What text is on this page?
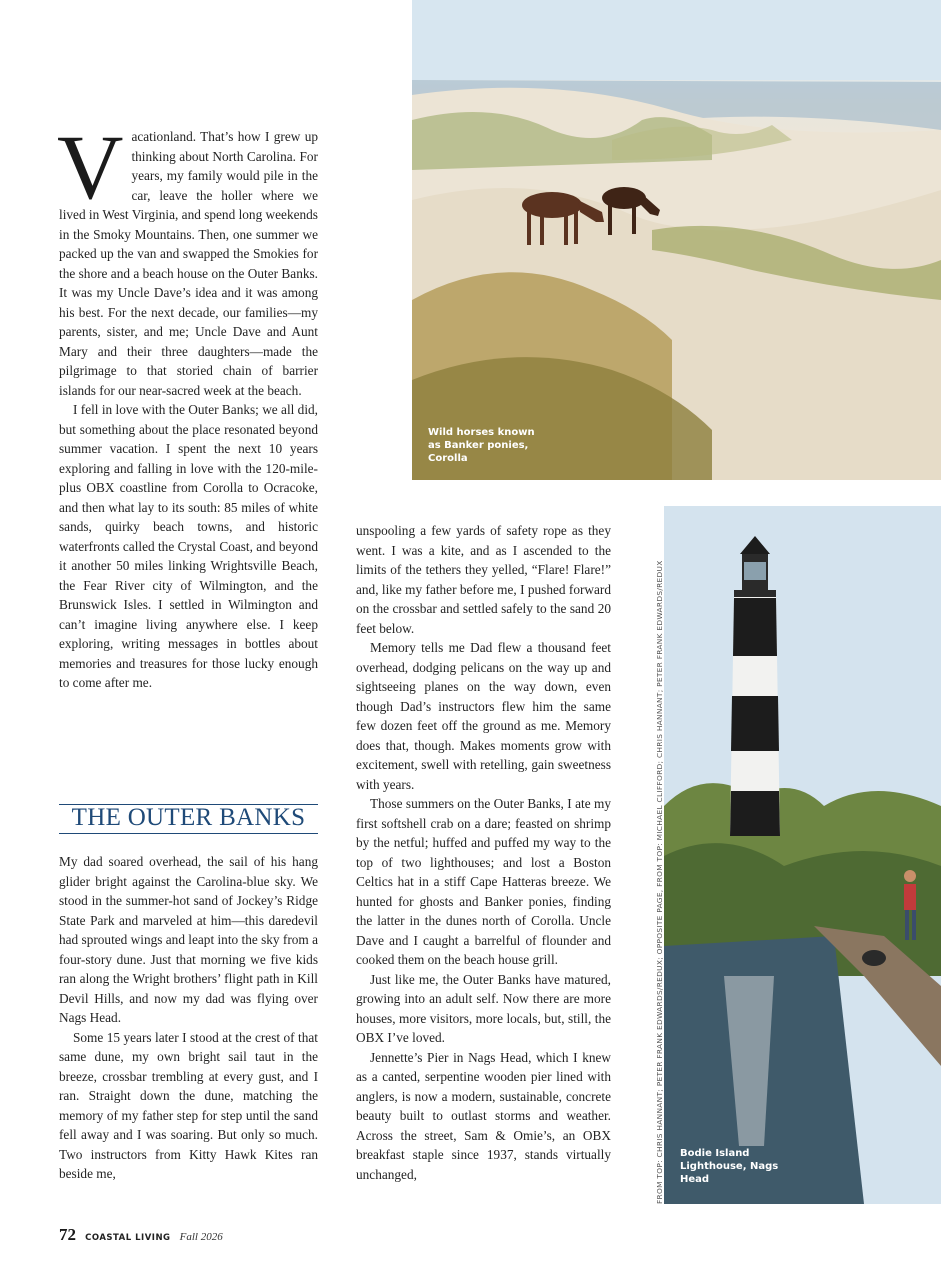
V acationland. That’s how I grew up thinking about North Carolina. For years, my family would pile in the car, leave the holler where we lived in West Virginia, and spend long weekends in the Smoky Mountains. Then, one summer we packed up the van and swapped the Smokies for the shore and a beach house on the Outer Banks. It was my Uncle Dave’s idea and it was among his best. For the next decade, our families—my parents, sister, and me; Uncle Dave and Aunt Mary and their three daughters—made the pilgrimage to that storied chain of barrier islands for our near-sacred week at the beach.

I fell in love with the Outer Banks; we all did, but something about the place resonated beyond summer vacation. I spent the next 10 years exploring and falling in love with the 120-mile-plus OBX coastline from Corolla to Ocracoke, and then what lay to its south: 85 miles of white sands, quirky beach towns, and historic waterfronts called the Crystal Coast, and beyond it another 50 miles linking Wrightsville Beach, the Fear River city of Wilmington, and the Brunswick Isles. I settled in Wilmington and can’t imagine living anywhere else. I keep exploring, writing messages in bottles about memories and treasures for those lucky enough to come after me.

THE OUTER BANKS

My dad soared overhead, the sail of his hang glider bright against the Carolina-blue sky. We stood in the summer-hot sand of Jockey’s Ridge State Park and marveled at him—this daredevil had sprouted wings and leapt into the sky from a four-story dune. Just that morning we five kids ran along the Wright brothers’ flight path in Kill Devil Hills, and now my dad was flying over Nags Head.

Some 15 years later I stood at the crest of that same dune, my own bright sail taut in the breeze, crossbar trembling at every gust, and I ran. Straight down the dune, matching the memory of my father step for step until the sand fell away and I was soaring. But only so much. Two instructors from Kitty Hawk Kites ran beside me,

unspooling a few yards of safety rope as they went. I was a kite, and as I ascended to the limits of the tethers they yelled, “Flare! Flare!” and, like my father before me, I pushed forward on the crossbar and settled safely to the sand 20 feet below.

Memory tells me Dad flew a thousand feet overhead, dodging pelicans on the way up and sightseeing planes on the way down, even though Dad’s instructors flew him the same few dozen feet off the ground as me. Memory does that, though. Makes moments grow with excitement, swell with retelling, gain sweetness with years.

Those summers on the Outer Banks, I ate my first softshell crab on a dare; feasted on shrimp by the netful; huffed and puffed my way to the top of two lighthouses; and lost a Boston Celtics hat in a stiff Cape Hatteras breeze. We hunted for ghosts and Banker ponies, finding the latter in the dunes north of Corolla. Uncle Dave and I caught a barrelful of flounder and cooked them on the beach house grill.

Just like me, the Outer Banks have matured, growing into an adult self. Now there are more houses, more visitors, more locals, but, still, the OBX I’ve loved.

Jennette’s Pier in Nags Head, which I knew as a canted, serpentine wooden pier lined with anglers, is now a modern, sustainable, concrete beauty built to outlast storms and weather. Across the street, Sam & Omie’s, an OBX breakfast staple since 1937, stands virtually unchanged,

Wild horses known as Banker ponies, Corolla
Bodie Island Lighthouse, Nags Head
FROM TOP: CHRIS HANNANT; PETER FRANK EDWARDS/REDUX; OPPOSITE PAGE, FROM TOP: MICHAEL CLIFFORD; CHRIS HANNANT; PETER FRANK EDWARDS/REDUX
72 COASTAL LIVING Fall 2026
